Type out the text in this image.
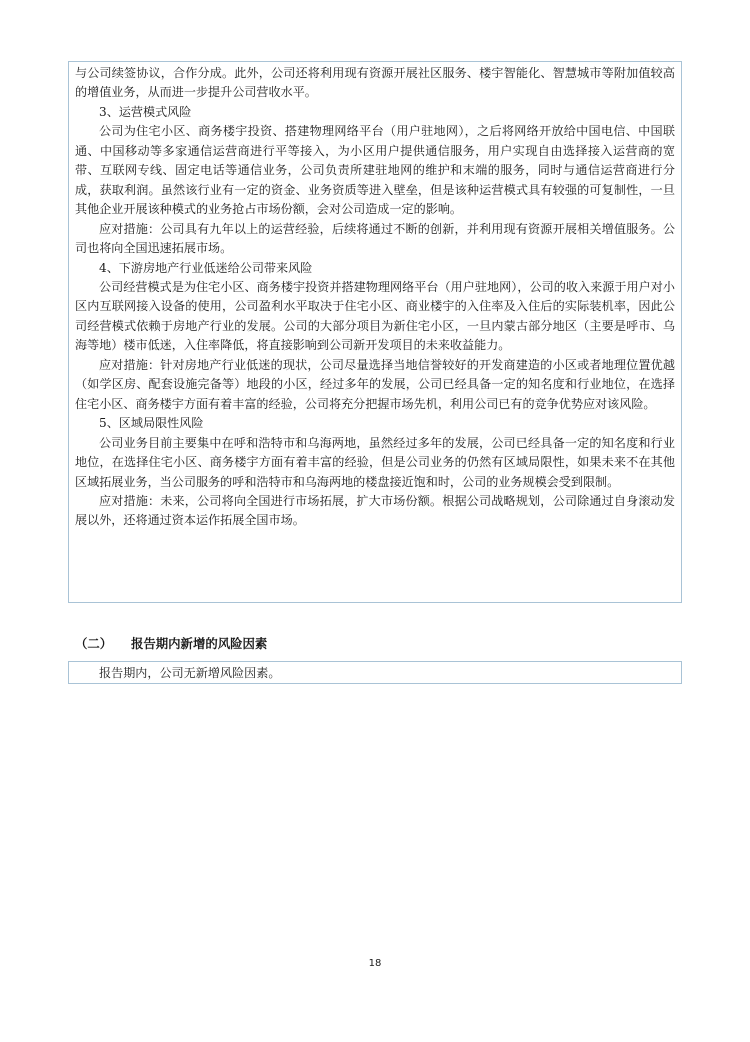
与公司续签协议，合作分成。此外，公司还将利用现有资源开展社区服务、楼宇智能化、智慧城市等附加值较高的增值业务，从而进一步提升公司营收水平。

3、运营模式风险

公司为住宅小区、商务楼宇投资、搭建物理网络平台（用户驻地网），之后将网络开放给中国电信、中国联通、中国移动等多家通信运营商进行平等接入，为小区用户提供通信服务，用户实现自由选择接入运营商的宽带、互联网专线、固定电话等通信业务，公司负责所建驻地网的维护和末端的服务，同时与通信运营商进行分成，获取利润。虽然该行业有一定的资金、业务资质等进入壁垒，但是该种运营模式具有较强的可复制性，一旦其他企业开展该种模式的业务抢占市场份额，会对公司造成一定的影响。

应对措施：公司具有九年以上的运营经验，后续将通过不断的创新，并利用现有资源开展相关增值服务。公司也将向全国迅速拓展市场。

4、下游房地产行业低迷给公司带来风险

公司经营模式是为住宅小区、商务楼宇投资并搭建物理网络平台（用户驻地网），公司的收入来源于用户对小区内互联网接入设备的使用，公司盈利水平取决于住宅小区、商业楼宇的入住率及入住后的实际装机率，因此公司经营模式依赖于房地产行业的发展。公司的大部分项目为新住宅小区，一旦内蒙古部分地区（主要是呼市、乌海等地）楼市低迷，入住率降低，将直接影响到公司新开发项目的未来收益能力。

应对措施：针对房地产行业低迷的现状，公司尽量选择当地信誉较好的开发商建造的小区或者地理位置优越（如学区房、配套设施完备等）地段的小区，经过多年的发展，公司已经具备一定的知名度和行业地位，在选择住宅小区、商务楼宇方面有着丰富的经验，公司将充分把握市场先机，利用公司已有的竞争优势应对该风险。

5、区域局限性风险

公司业务目前主要集中在呼和浩特市和乌海两地，虽然经过多年的发展，公司已经具备一定的知名度和行业地位，在选择住宅小区、商务楼宇方面有着丰富的经验，但是公司业务的仍然有区域局限性，如果未来不在其他区域拓展业务，当公司服务的呼和浩特市和乌海两地的楼盘接近饱和时，公司的业务规模会受到限制。

应对措施：未来，公司将向全国进行市场拓展，扩大市场份额。根据公司战略规划，公司除通过自身滚动发展以外，还将通过资本运作拓展全国市场。

（二）	报告期内新增的风险因素

报告期内，公司无新增风险因素。

18
